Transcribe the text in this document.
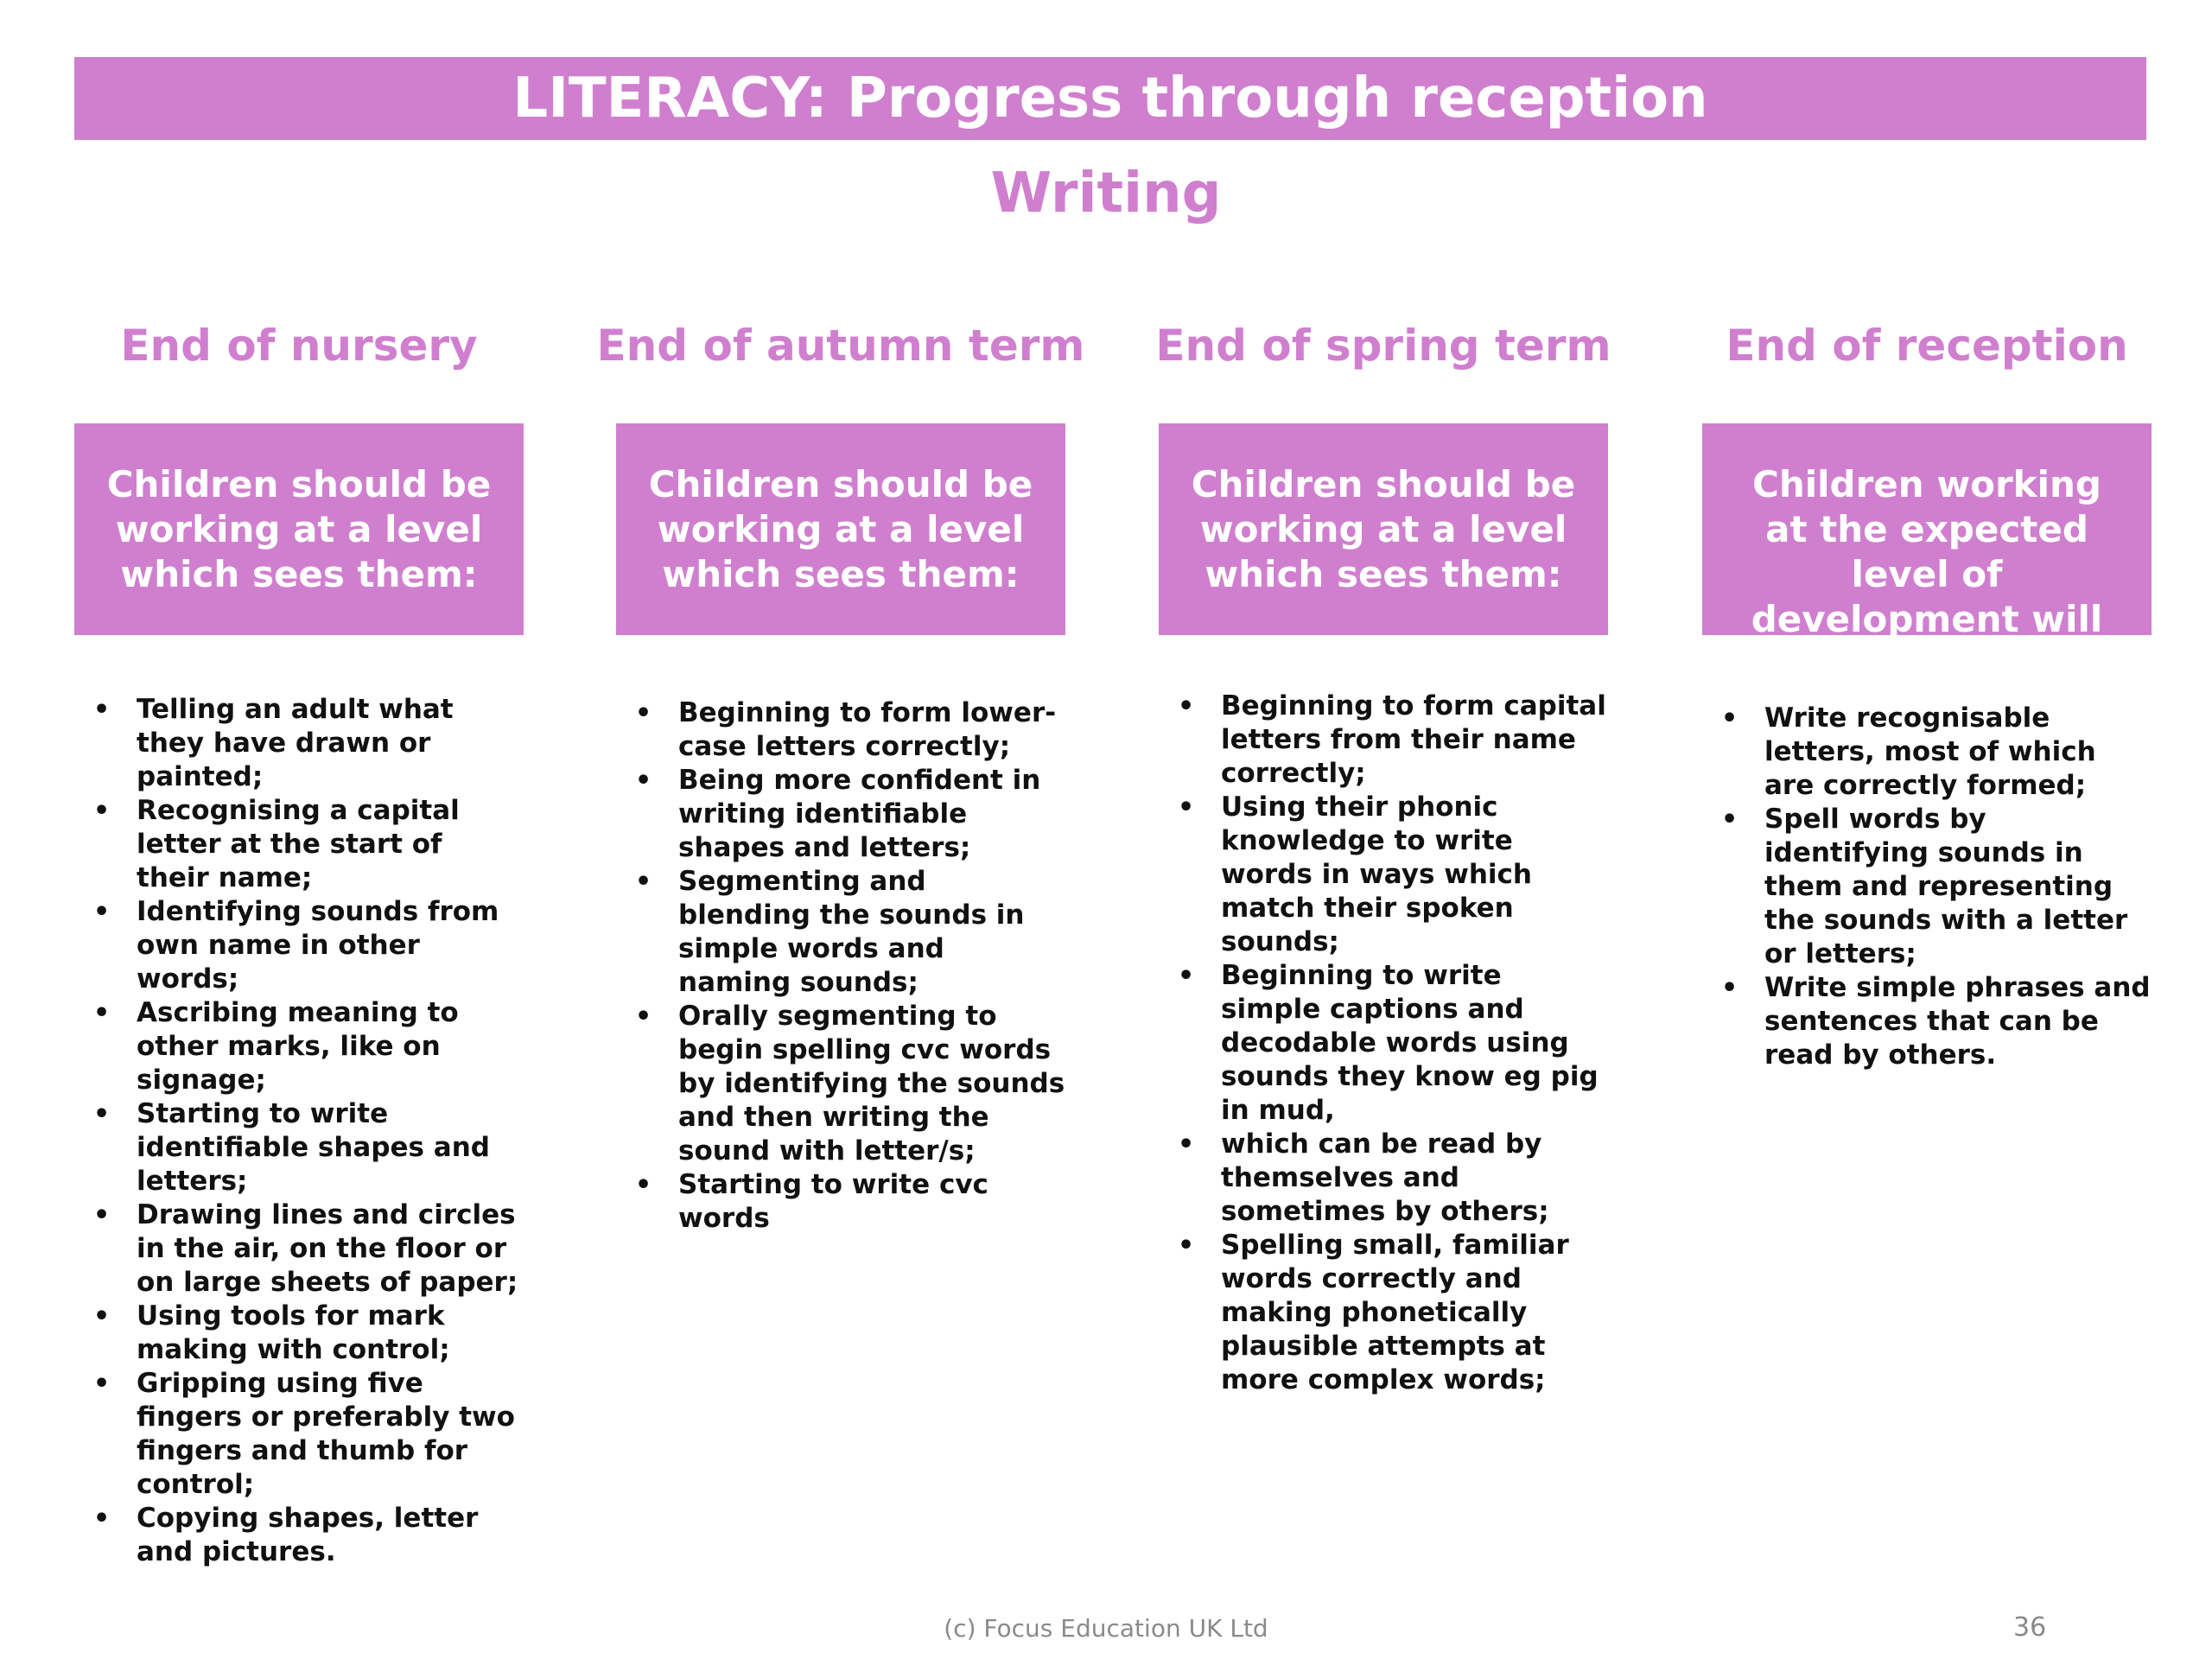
LITERACY: Progress through reception
Writing
End of nursery
Children should be working at a level which sees them:
• Telling an adult what they have drawn or painted;
• Recognising a capital letter at the start of their name;
• Identifying sounds from own name in other words;
• Ascribing meaning to other marks, like on signage;
• Starting to write identifiable shapes and letters;
• Drawing lines and circles in the air, on the floor or on large sheets of paper;
• Using tools for mark making with control;
• Gripping using five fingers or preferably two fingers and thumb for control;
• Copying shapes, letter and pictures.
End of autumn term
Children should be working at a level which sees them:
• Beginning to form lower-case letters correctly;
• Being more confident in writing identifiable shapes and letters;
• Segmenting and blending the sounds in simple words and naming sounds;
• Orally segmenting to begin spelling cvc words by identifying the sounds and then writing the sound with letter/s;
• Starting to write cvc words
End of spring term
Children should be working at a level which sees them:
• Beginning to form capital letters from their name correctly;
• Using their phonic knowledge to write words in ways which match their spoken sounds;
• Beginning to write simple captions and decodable words using sounds they know eg pig in mud,
• which can be read by themselves and sometimes by others;
• Spelling small, familiar words correctly and making phonetically plausible attempts at more complex words;
End of reception
Children working at the expected level of development will
• Write recognisable letters, most of which are correctly formed;
• Spell words by identifying sounds in them and representing the sounds with a letter or letters;
• Write simple phrases and sentences that can be read by others.
(c) Focus Education UK Ltd	36
